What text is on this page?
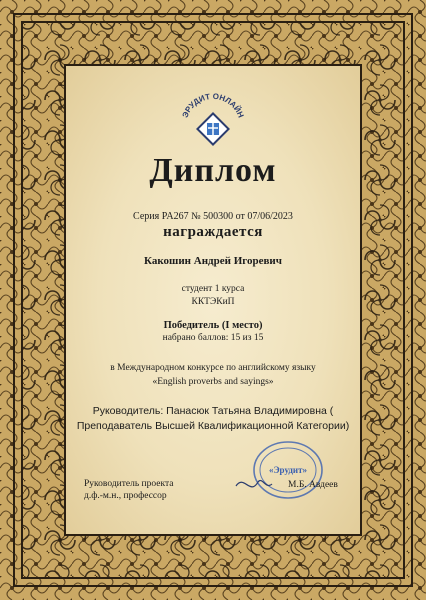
ЭРУДИТ ОНЛАЙН
Диплом
Серия PA267 № 500300 от 07/06/2023
награждается
Какошин Андрей Игоревич
студент 1 курса
ККТЭКиП
Победитель (I место)
набрано баллов: 15 из 15
в Международном конкурсе по английскому языку
«English proverbs and sayings»
Руководитель: Панасюк Татьяна Владимировна (
Преподаватель Высшей Квалификационной Категории)
«Эрудит»
Руководитель проекта
д.ф.-м.н., профессор
М.Б. Авдеев
